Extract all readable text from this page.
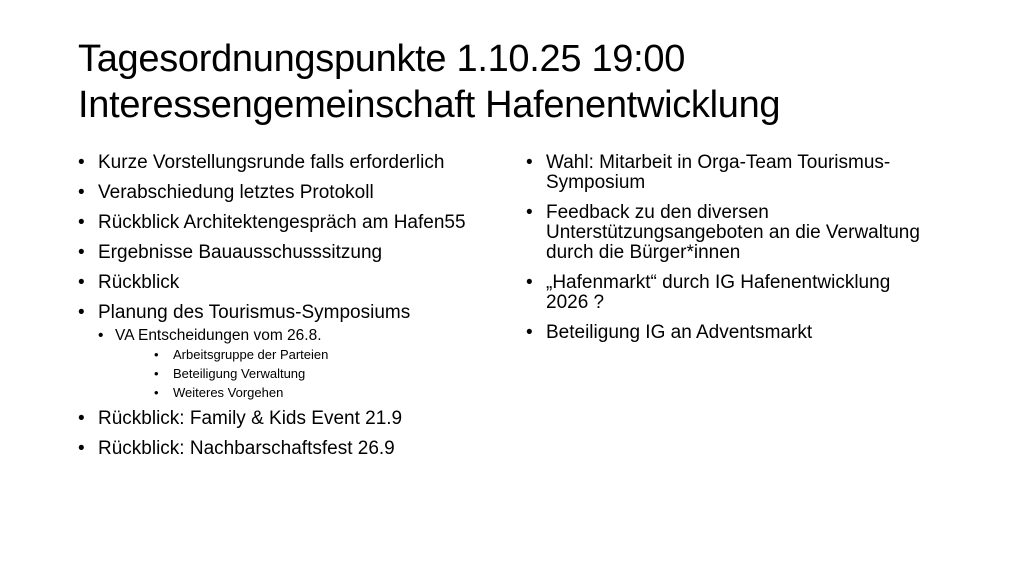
Tagesordnungspunkte 1.10.25 19:00
Interessengemeinschaft Hafenentwicklung
• Kurze Vorstellungsrunde falls erforderlich
• Verabschiedung letztes Protokoll
• Rückblick Architektengespräch am Hafen55
• Ergebnisse Bauausschusssitzung
• Rückblick
• Planung des Tourismus-Symposiums
• VA Entscheidungen vom 26.8.
• Arbeitsgruppe der Parteien
• Beteiligung Verwaltung
• Weiteres Vorgehen
• Rückblick: Family & Kids Event 21.9
• Rückblick: Nachbarschaftsfest 26.9
• Wahl: Mitarbeit in Orga-Team Tourismus-Symposium
• Feedback zu den diversen Unterstützungsangeboten an die Verwaltung durch die Bürger*innen
• „Hafenmarkt“ durch IG Hafenentwicklung 2026 ?
• Beteiligung IG an Adventsmarkt
